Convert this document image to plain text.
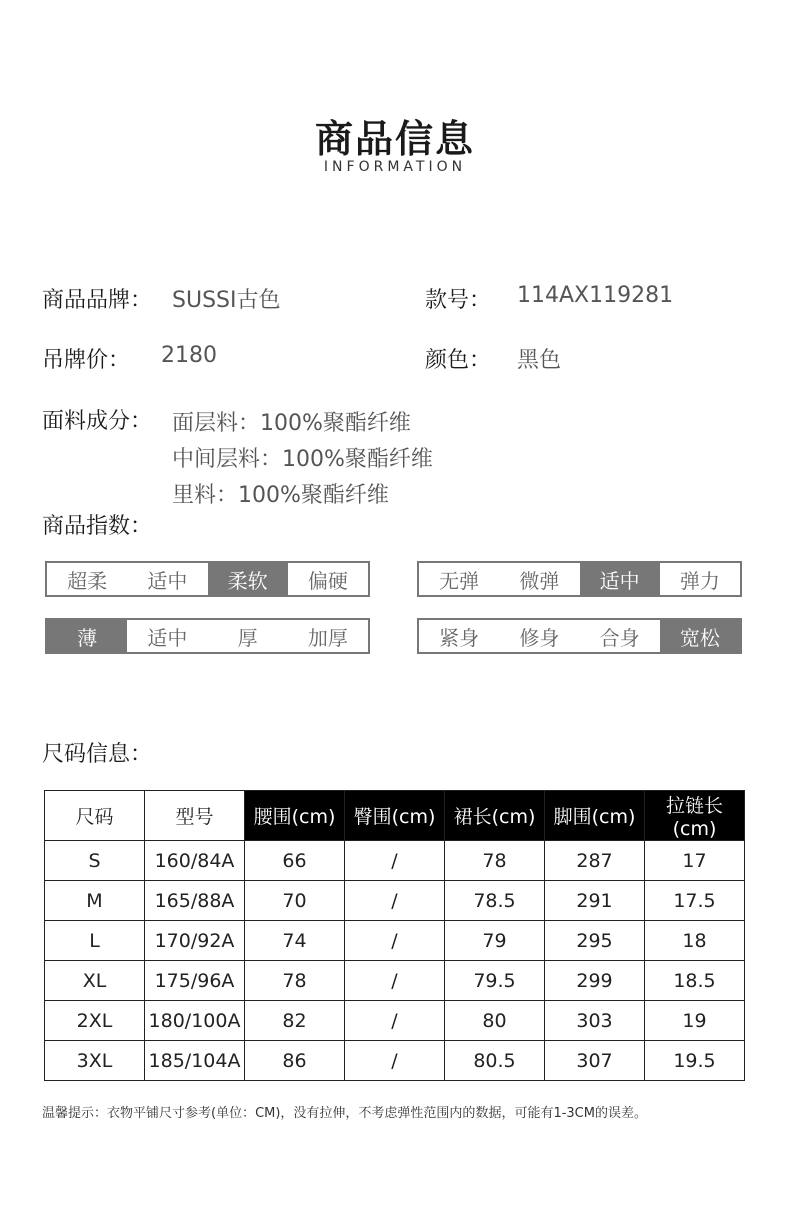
商品信息
INFORMATION
商品品牌： SUSSI古色	款号： 114AX119281
吊牌价： 2180	颜色： 黑色
面料成分： 面层料：100%聚酯纤维
中间层料：100%聚酯纤维
里料：100%聚酯纤维
商品指数：
超柔	适中	柔软	偏硬	无弹	微弹	适中	弹力
薄	适中	厚	加厚	紧身	修身	合身	宽松
尺码信息：
尺码	型号	腰围(cm)	臀围(cm)	裙长(cm)	脚围(cm)	拉链长(cm)
S	160/84A	66	/	78	287	17
M	165/88A	70	/	78.5	291	17.5
L	170/92A	74	/	79	295	18
XL	175/96A	78	/	79.5	299	18.5
2XL	180/100A	82	/	80	303	19
3XL	185/104A	86	/	80.5	307	19.5
温馨提示：衣物平铺尺寸参考(单位：CM)，没有拉伸，不考虑弹性范围内的数据，可能有1-3CM的误差。
